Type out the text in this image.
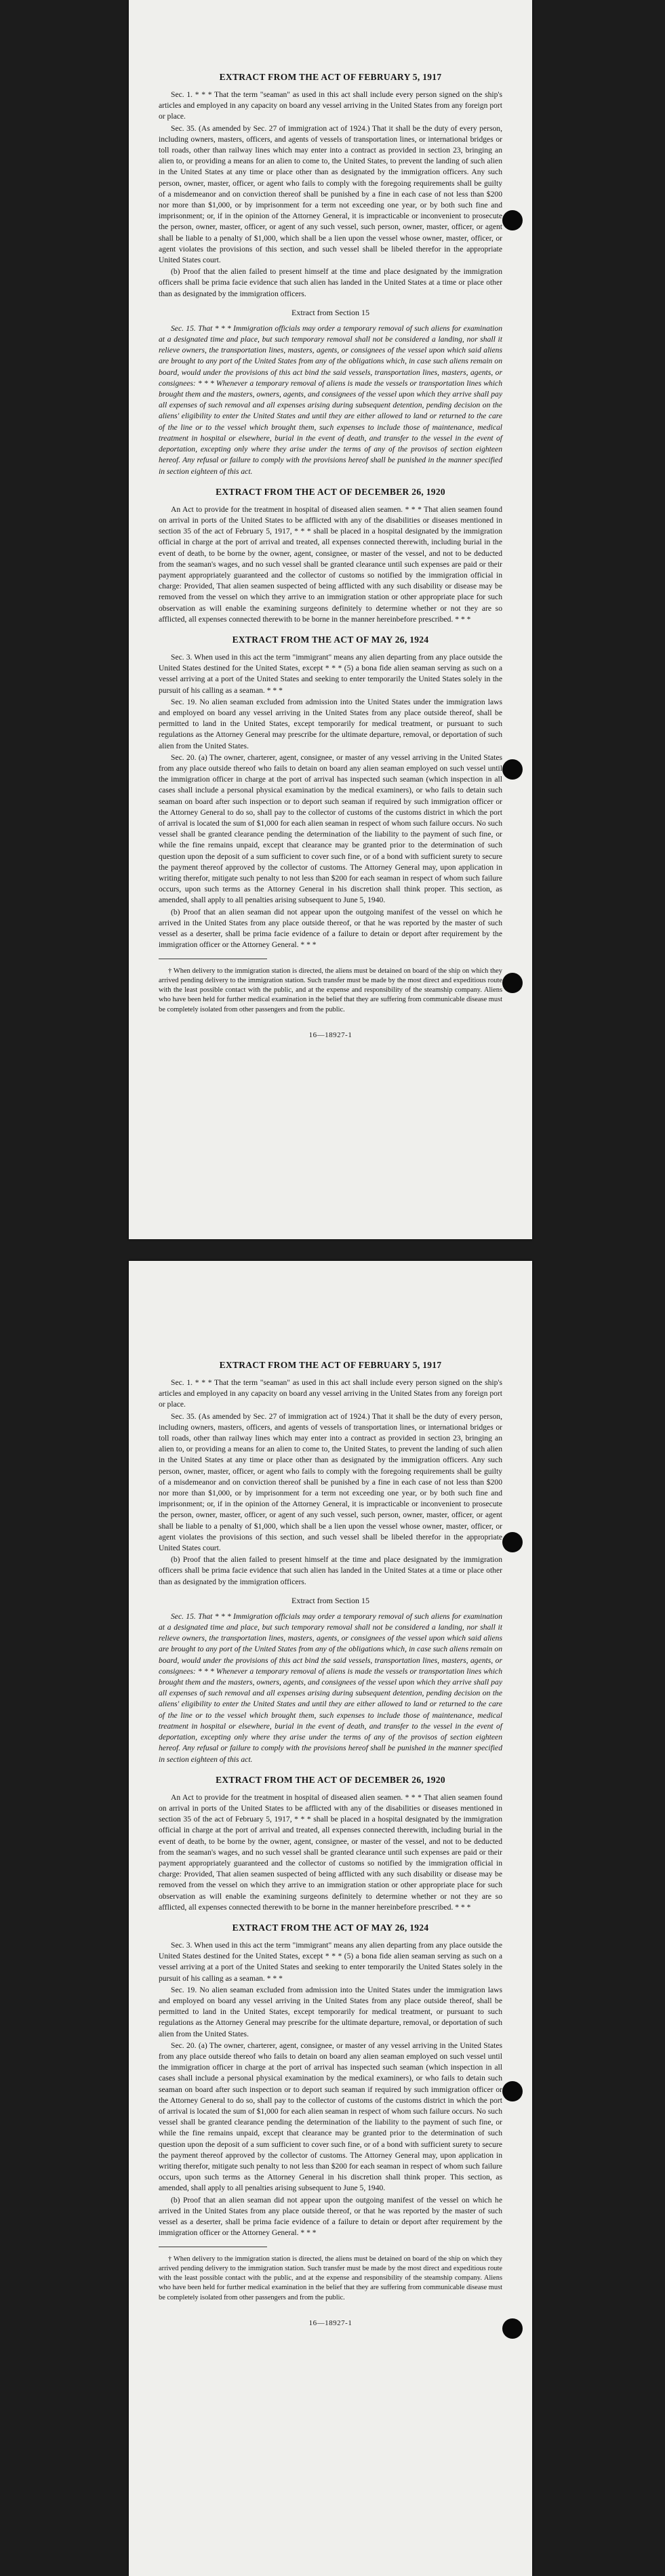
EXTRACT FROM THE ACT OF FEBRUARY 5, 1917

Sec. 1. * * * That the term "seaman" as used in this act shall include every person signed on the ship's articles and employed in any capacity on board any vessel arriving in the United States from any foreign port or place.

Sec. 35. (As amended by Sec. 27 of immigration act of 1924.) That it shall be the duty of every person, including owners, masters, officers, and agents of vessels of transportation lines, or international bridges or toll roads, other than railway lines which may enter into a contract as provided in section 23, bringing an alien to, or providing a means for an alien to come to, the United States, to prevent the landing of such alien in the United States at any time or place other than as designated by the immigration officers. Any such person, owner, master, officer, or agent who fails to comply with the foregoing requirements shall be guilty of a misdemeanor and on conviction thereof shall be punished by a fine in each case of not less than $200 nor more than $1,000, or by imprisonment for a term not exceeding one year, or by both such fine and imprisonment; or, if in the opinion of the Attorney General, it is impracticable or inconvenient to prosecute the person, owner, master, officer, or agent of any such vessel, such person, owner, master, officer, or agent shall be liable to a penalty of $1,000, which shall be a lien upon the vessel whose owner, master, officer, or agent violates the provisions of this section, and such vessel shall be libeled therefor in the appropriate United States court.

(b) Proof that the alien failed to present himself at the time and place designated by the immigration officers shall be prima facie evidence that such alien has landed in the United States at a time or place other than as designated by the immigration officers.

Extract from Section 15

Sec. 15. That * * * Immigration officials may order a temporary removal of such aliens for examination at a designated time and place, but such temporary removal shall not be considered a landing, nor shall it relieve owners, the transportation lines, masters, agents, or consignees of the vessel upon which said aliens are brought to any port of the United States from any of the obligations which, in case such aliens remain on board, would under the provisions of this act bind the said vessels, transportation lines, masters, agents, or consignees: * * * Whenever a temporary removal of aliens is made the vessels or transportation lines which brought them and the masters, owners, agents, and consignees of the vessel upon which they arrive shall pay all expenses of such removal and all expenses arising during subsequent detention, pending decision on the aliens' eligibility to enter the United States and until they are either allowed to land or returned to the care of the line or to the vessel which brought them, such expenses to include those of maintenance, medical treatment in hospital or elsewhere, burial in the event of death, and transfer to the vessel in the event of deportation, excepting only where they arise under the terms of any of the provisos of section eighteen hereof. Any refusal or failure to comply with the provisions hereof shall be punished in the manner specified in section eighteen of this act.

EXTRACT FROM THE ACT OF DECEMBER 26, 1920

An Act to provide for the treatment in hospital of diseased alien seamen. * * * That alien seamen found on arrival in ports of the United States to be afflicted with any of the disabilities or diseases mentioned in section 35 of the act of February 5, 1917, * * * shall be placed in a hospital designated by the immigration official in charge at the port of arrival and treated, all expenses connected therewith, including burial in the event of death, to be borne by the owner, agent, consignee, or master of the vessel, and not to be deducted from the seaman's wages, and no such vessel shall be granted clearance until such expenses are paid or their payment appropriately guaranteed and the collector of customs so notified by the immigration official in charge: Provided, That alien seamen suspected of being afflicted with any such disability or disease may be removed from the vessel on which they arrive to an immigration station or other appropriate place for such observation as will enable the examining surgeons definitely to determine whether or not they are so afflicted, all expenses connected therewith to be borne in the manner hereinbefore prescribed. * * *

EXTRACT FROM THE ACT OF MAY 26, 1924

Sec. 3. When used in this act the term "immigrant" means any alien departing from any place outside the United States destined for the United States, except * * * (5) a bona fide alien seaman serving as such on a vessel arriving at a port of the United States and seeking to enter temporarily the United States solely in the pursuit of his calling as a seaman. * * *

Sec. 19. No alien seaman excluded from admission into the United States under the immigration laws and employed on board any vessel arriving in the United States from any place outside thereof, shall be permitted to land in the United States, except temporarily for medical treatment, or pursuant to such regulations as the Attorney General may prescribe for the ultimate departure, removal, or deportation of such alien from the United States.

Sec. 20. (a) The owner, charterer, agent, consignee, or master of any vessel arriving in the United States from any place outside thereof who fails to detain on board any alien seaman employed on such vessel until the immigration officer in charge at the port of arrival has inspected such seaman (which inspection in all cases shall include a personal physical examination by the medical examiners), or who fails to detain such seaman on board after such inspection or to deport such seaman if required by such immigration officer or the Attorney General to do so, shall pay to the collector of customs of the customs district in which the port of arrival is located the sum of $1,000 for each alien seaman in respect of whom such failure occurs. No such vessel shall be granted clearance pending the determination of the liability to the payment of such fine, or while the fine remains unpaid, except that clearance may be granted prior to the determination of such question upon the deposit of a sum sufficient to cover such fine, or of a bond with sufficient surety to secure the payment thereof approved by the collector of customs. The Attorney General may, upon application in writing therefor, mitigate such penalty to not less than $200 for each seaman in respect of whom such failure occurs, upon such terms as the Attorney General in his discretion shall think proper. This section, as amended, shall apply to all penalties arising subsequent to June 5, 1940.

(b) Proof that an alien seaman did not appear upon the outgoing manifest of the vessel on which he arrived in the United States from any place outside thereof, or that he was reported by the master of such vessel as a deserter, shall be prima facie evidence of a failure to detain or deport after requirement by the immigration officer or the Attorney General. * * *

† When delivery to the immigration station is directed, the aliens must be detained on board of the ship on which they arrived pending delivery to the immigration station. Such transfer must be made by the most direct and expeditious route with the least possible contact with the public, and at the expense and responsibility of the steamship company. Aliens who have been held for further medical examination in the belief that they are suffering from communicable disease must be completely isolated from other passengers and from the public.

16—18927-1
EXTRACT FROM THE ACT OF FEBRUARY 5, 1917

Sec. 1. * * * That the term "seaman" as used in this act shall include every person signed on the ship's articles and employed in any capacity on board any vessel arriving in the United States from any foreign port or place.

Sec. 35. (As amended by Sec. 27 of immigration act of 1924.) That it shall be the duty of every person, including owners, masters, officers, and agents of vessels of transportation lines, or international bridges or toll roads, other than railway lines which may enter into a contract as provided in section 23, bringing an alien to, or providing a means for an alien to come to, the United States, to prevent the landing of such alien in the United States at any time or place other than as designated by the immigration officers. Any such person, owner, master, officer, or agent who fails to comply with the foregoing requirements shall be guilty of a misdemeanor and on conviction thereof shall be punished by a fine in each case of not less than $200 nor more than $1,000, or by imprisonment for a term not exceeding one year, or by both such fine and imprisonment; or, if in the opinion of the Attorney General, it is impracticable or inconvenient to prosecute the person, owner, master, officer, or agent of any such vessel, such person, owner, master, officer, or agent shall be liable to a penalty of $1,000, which shall be a lien upon the vessel whose owner, master, officer, or agent violates the provisions of this section, and such vessel shall be libeled therefor in the appropriate United States court.

(b) Proof that the alien failed to present himself at the time and place designated by the immigration officers shall be prima facie evidence that such alien has landed in the United States at a time or place other than as designated by the immigration officers.

Extract from Section 15

Sec. 15. That * * * Immigration officials may order a temporary removal of such aliens for examination at a designated time and place, but such temporary removal shall not be considered a landing, nor shall it relieve owners, the transportation lines, masters, agents, or consignees of the vessel upon which said aliens are brought to any port of the United States from any of the obligations which, in case such aliens remain on board, would under the provisions of this act bind the said vessels, transportation lines, masters, agents, or consignees: * * * Whenever a temporary removal of aliens is made the vessels or transportation lines which brought them and the masters, owners, agents, and consignees of the vessel upon which they arrive shall pay all expenses of such removal and all expenses arising during subsequent detention, pending decision on the aliens' eligibility to enter the United States and until they are either allowed to land or returned to the care of the line or to the vessel which brought them, such expenses to include those of maintenance, medical treatment in hospital or elsewhere, burial in the event of death, and transfer to the vessel in the event of deportation, excepting only where they arise under the terms of any of the provisos of section eighteen hereof. Any refusal or failure to comply with the provisions hereof shall be punished in the manner specified in section eighteen of this act.

EXTRACT FROM THE ACT OF DECEMBER 26, 1920

An Act to provide for the treatment in hospital of diseased alien seamen. * * * That alien seamen found on arrival in ports of the United States to be afflicted with any of the disabilities or diseases mentioned in section 35 of the act of February 5, 1917, * * * shall be placed in a hospital designated by the immigration official in charge at the port of arrival and treated, all expenses connected therewith, including burial in the event of death, to be borne by the owner, agent, consignee, or master of the vessel, and not to be deducted from the seaman's wages, and no such vessel shall be granted clearance until such expenses are paid or their payment appropriately guaranteed and the collector of customs so notified by the immigration official in charge: Provided, That alien seamen suspected of being afflicted with any such disability or disease may be removed from the vessel on which they arrive to an immigration station or other appropriate place for such observation as will enable the examining surgeons definitely to determine whether or not they are so afflicted, all expenses connected therewith to be borne in the manner hereinbefore prescribed. * * *

EXTRACT FROM THE ACT OF MAY 26, 1924

Sec. 3. When used in this act the term "immigrant" means any alien departing from any place outside the United States destined for the United States, except * * * (5) a bona fide alien seaman serving as such on a vessel arriving at a port of the United States and seeking to enter temporarily the United States solely in the pursuit of his calling as a seaman. * * *

Sec. 19. No alien seaman excluded from admission into the United States under the immigration laws and employed on board any vessel arriving in the United States from any place outside thereof, shall be permitted to land in the United States, except temporarily for medical treatment, or pursuant to such regulations as the Attorney General may prescribe for the ultimate departure, removal, or deportation of such alien from the United States.

Sec. 20. (a) The owner, charterer, agent, consignee, or master of any vessel arriving in the United States from any place outside thereof who fails to detain on board any alien seaman employed on such vessel until the immigration officer in charge at the port of arrival has inspected such seaman (which inspection in all cases shall include a personal physical examination by the medical examiners), or who fails to detain such seaman on board after such inspection or to deport such seaman if required by such immigration officer or the Attorney General to do so, shall pay to the collector of customs of the customs district in which the port of arrival is located the sum of $1,000 for each alien seaman in respect of whom such failure occurs. No such vessel shall be granted clearance pending the determination of the liability to the payment of such fine, or while the fine remains unpaid, except that clearance may be granted prior to the determination of such question upon the deposit of a sum sufficient to cover such fine, or of a bond with sufficient surety to secure the payment thereof approved by the collector of customs. The Attorney General may, upon application in writing therefor, mitigate such penalty to not less than $200 for each seaman in respect of whom such failure occurs, upon such terms as the Attorney General in his discretion shall think proper. This section, as amended, shall apply to all penalties arising subsequent to June 5, 1940.

(b) Proof that an alien seaman did not appear upon the outgoing manifest of the vessel on which he arrived in the United States from any place outside thereof, or that he was reported by the master of such vessel as a deserter, shall be prima facie evidence of a failure to detain or deport after requirement by the immigration officer or the Attorney General. * * *

† When delivery to the immigration station is directed, the aliens must be detained on board of the ship on which they arrived pending delivery to the immigration station. Such transfer must be made by the most direct and expeditious route with the least possible contact with the public, and at the expense and responsibility of the steamship company. Aliens who have been held for further medical examination in the belief that they are suffering from communicable disease must be completely isolated from other passengers and from the public.

16—18927-1
